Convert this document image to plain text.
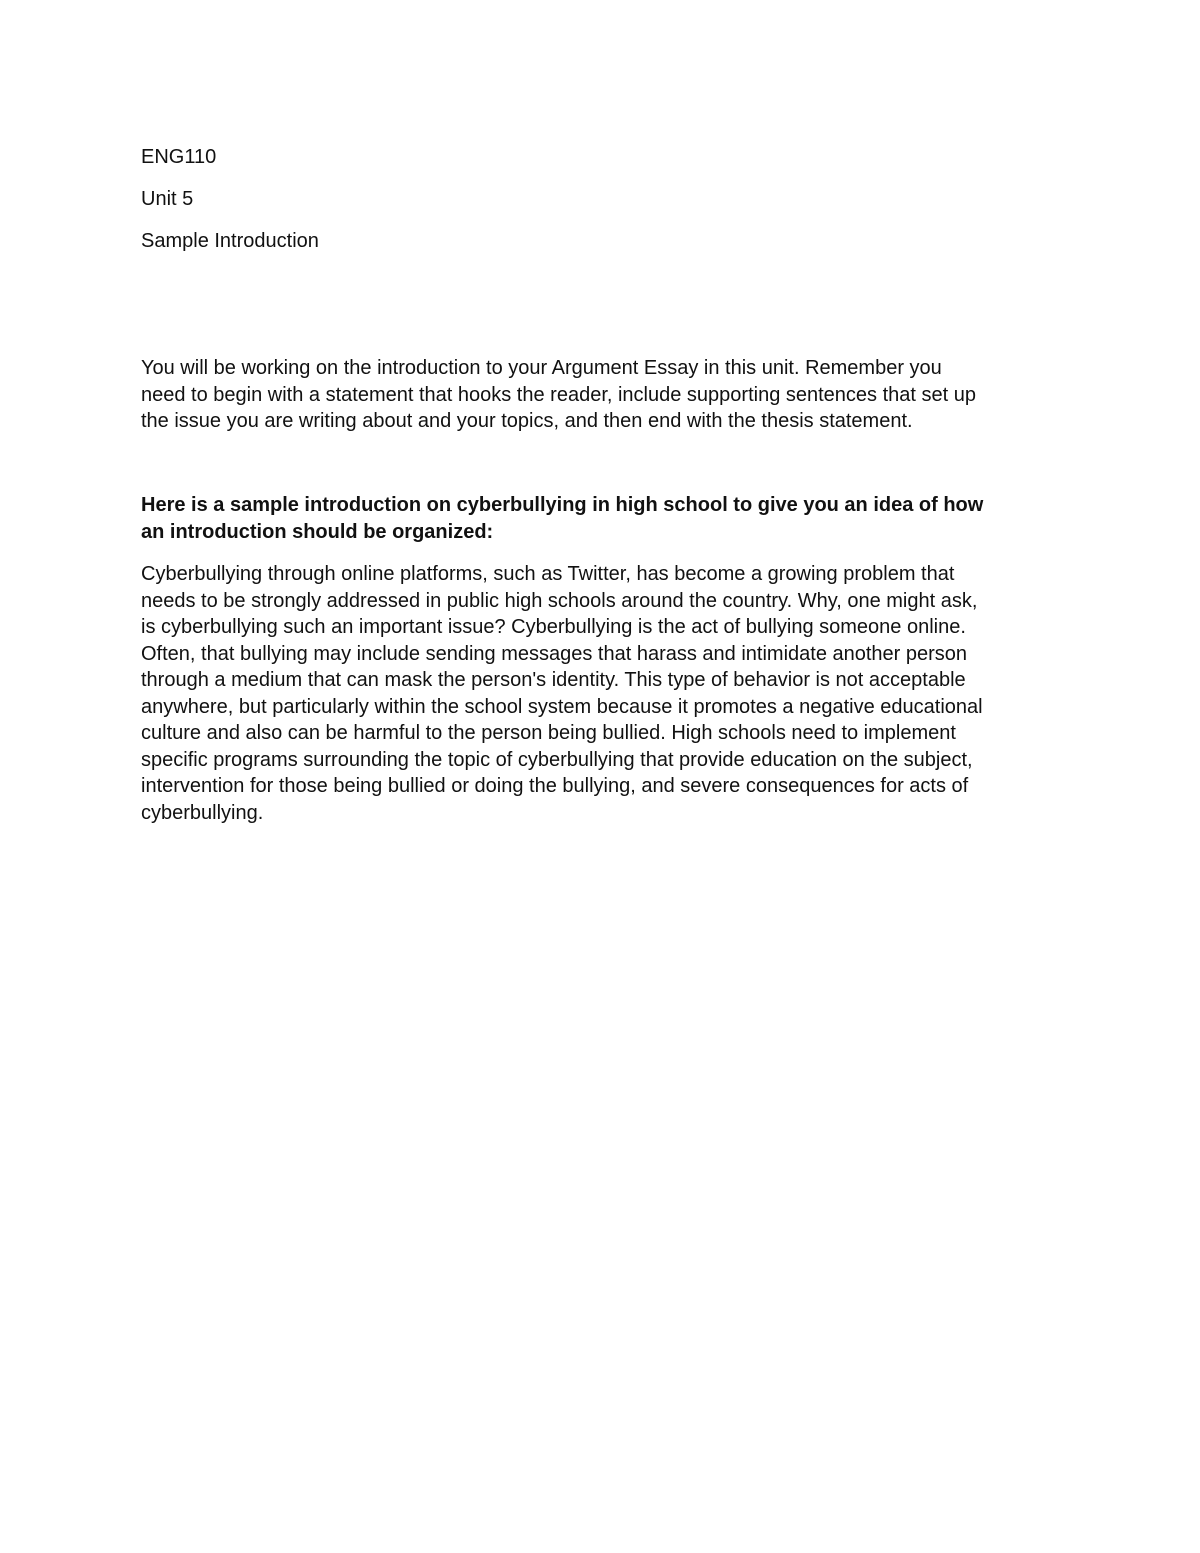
ENG110
Unit 5
Sample Introduction
You will be working on the introduction to your Argument Essay in this unit. Remember you
need to begin with a statement that hooks the reader, include supporting sentences that set up
the issue you are writing about and your topics, and then end with the thesis statement.
Here is a sample introduction on cyberbullying in high school to give you an idea of how
an introduction should be organized:
Cyberbullying through online platforms, such as Twitter, has become a growing problem that
needs to be strongly addressed in public high schools around the country. Why, one might ask,
is cyberbullying such an important issue? Cyberbullying is the act of bullying someone online.
Often, that bullying may include sending messages that harass and intimidate another person
through a medium that can mask the person's identity. This type of behavior is not acceptable
anywhere, but particularly within the school system because it promotes a negative educational
culture and also can be harmful to the person being bullied. High schools need to implement
specific programs surrounding the topic of cyberbullying that provide education on the subject,
intervention for those being bullied or doing the bullying, and severe consequences for acts of
cyberbullying.
